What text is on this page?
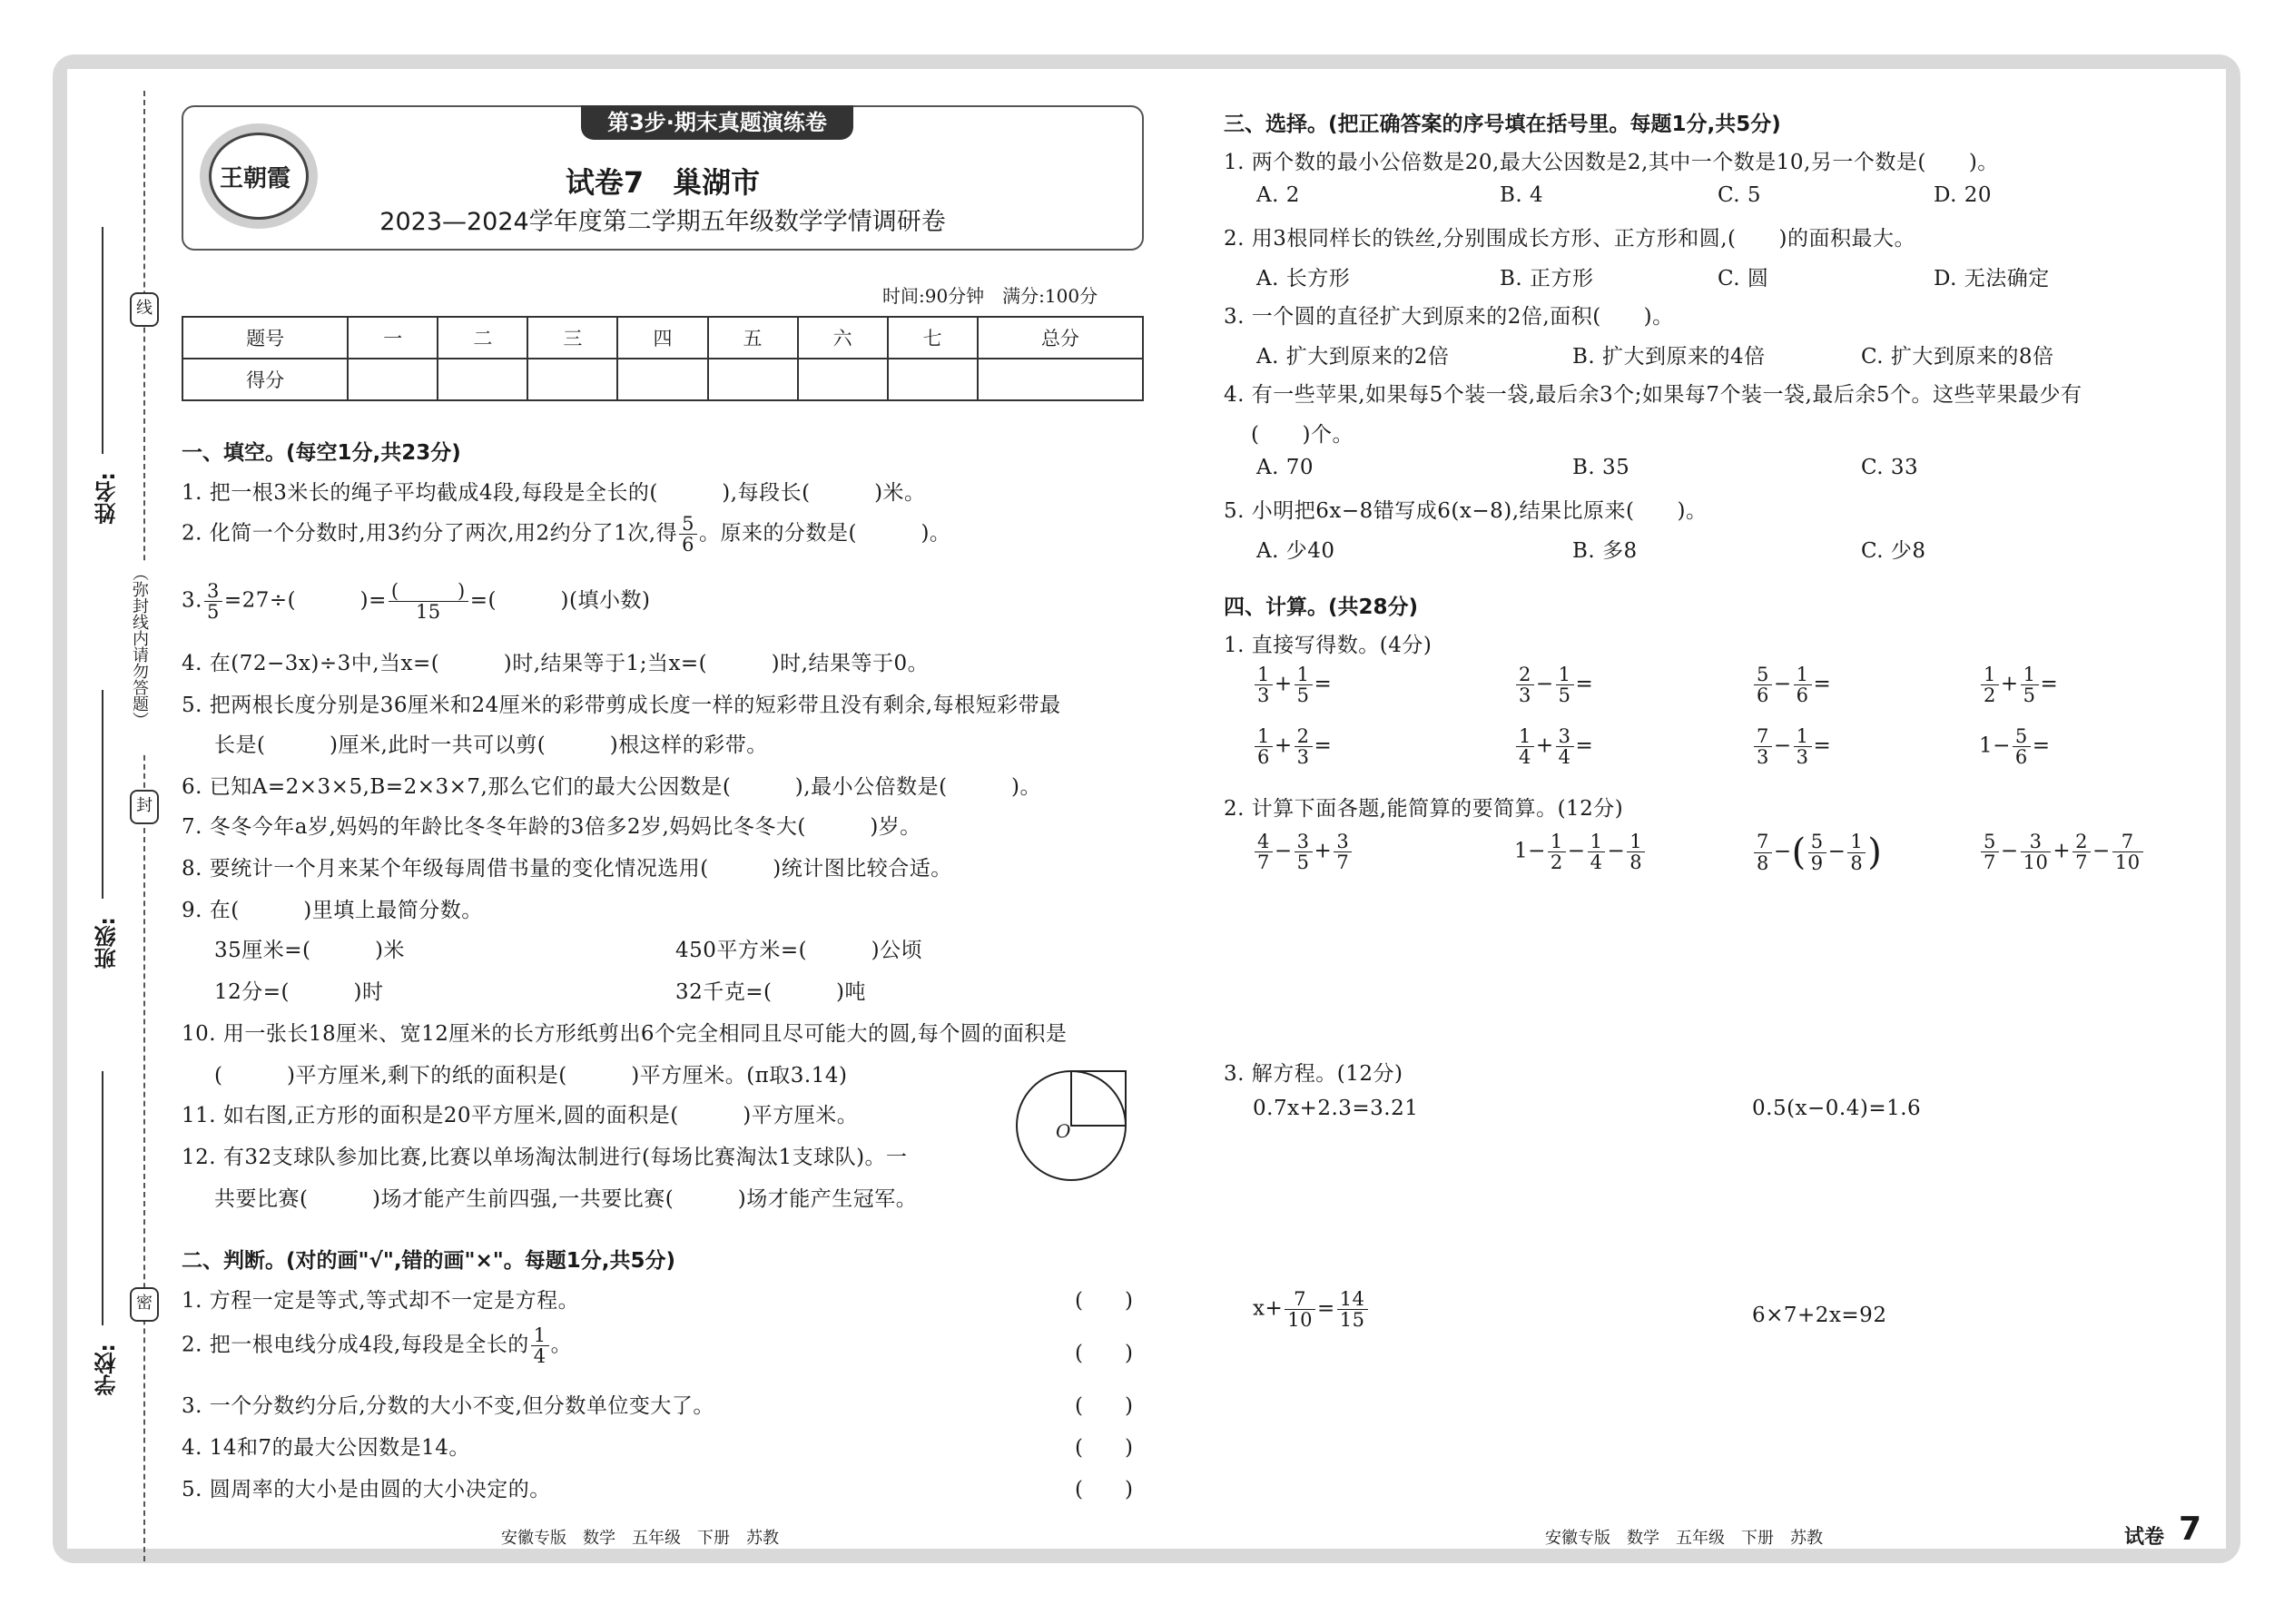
姓名:
班级:
学校:
线
封
密
（弥封线内请勿答题）
王朝霞
第3步·期末真题演练卷
试卷7　巢湖市
2023—2024学年度第二学期五年级数学学情调研卷
时间:90分钟　满分:100分
题号	一	二	三	四	五	六	七	总分
得分								
一、填空。(每空1分,共23分)
1. 把一根3米长的绳子平均截成4段,每段是全长的(　　　),每段长(　　　)米。
2. 化简一个分数时,用3约分了两次,用2约分了1次,得 $\frac{5}{6}$ 。原来的分数是(　　　)。
3. $\frac{3}{5} =27\div$(　　　)= $\frac{( )}{15}$ =(　　　)(填小数)
4. 在(72−3x)÷3中,当x=(　　　)时,结果等于1;当x=(　　　)时,结果等于0。
5. 把两根长度分别是36厘米和24厘米的彩带剪成长度一样的短彩带且没有剩余,每根短彩带最
长是(　　　)厘米,此时一共可以剪(　　　)根这样的彩带。
6. 已知A=2×3×5,B=2×3×7,那么它们的最大公因数是(　　　),最小公倍数是(　　　)。
7. 冬冬今年a岁,妈妈的年龄比冬冬年龄的3倍多2岁,妈妈比冬冬大(　　　)岁。
8. 要统计一个月来某个年级每周借书量的变化情况选用(　　　)统计图比较合适。
9. 在(　　　)里填上最简分数。
35厘米=(　　　)米	450平方米=(　　　)公顷
12分=(　　　)时	32千克=(　　　)吨
10. 用一张长18厘米、宽12厘米的长方形纸剪出6个完全相同且尽可能大的圆,每个圆的面积是
(　　　)平方厘米,剩下的纸的面积是(　　　)平方厘米。(π取3.14)
11. 如右图,正方形的面积是20平方厘米,圆的面积是(　　　)平方厘米。
12. 有32支球队参加比赛,比赛以单场淘汰制进行(每场比赛淘汰1支球队)。一
共要比赛(　　　)场才能产生前四强,一共要比赛(　　　)场才能产生冠军。
O
二、判断。(对的画"√",错的画"×"。每题1分,共5分)
1. 方程一定是等式,等式却不一定是方程。
2. 把一根电线分成4段,每段是全长的 $\frac{1}{4}$ 。
3. 一个分数约分后,分数的大小不变,但分数单位变大了。
4. 14和7的最大公因数是14。
5. 圆周率的大小是由圆的大小决定的。
(　　)
(　　)
(　　)
(　　)
(　　)
三、选择。(把正确答案的序号填在括号里。每题1分,共5分)
1. 两个数的最小公倍数是20,最大公因数是2,其中一个数是10,另一个数是(　　)。
A. 2	B. 4	C. 5	D. 20
2. 用3根同样长的铁丝,分别围成长方形、正方形和圆,(　　)的面积最大。
A. 长方形	B. 正方形	C. 圆	D. 无法确定
3. 一个圆的直径扩大到原来的2倍,面积(　　)。
A. 扩大到原来的2倍	B. 扩大到原来的4倍	C. 扩大到原来的8倍
4. 有一些苹果,如果每5个装一袋,最后余3个;如果每7个装一袋,最后余5个。这些苹果最少有
(　　)个。
A. 70	B. 35	C. 33
5. 小明把6x−8错写成6(x−8),结果比原来(　　)。
A. 少40	B. 多8	C. 少8
四、计算。(共28分)
1. 直接写得数。(4分)
$\frac{1}{3} + \frac{1}{5}$ =	$\frac{2}{3} - \frac{1}{5}$ =	$\frac{5}{6} - \frac{1}{6}$ =	$\frac{1}{2} + \frac{1}{5}$ =
$\frac{1}{6} + \frac{2}{3}$ =	$\frac{1}{4} + \frac{3}{4}$ =	$\frac{7}{3} - \frac{1}{3}$ =	$1- \frac{5}{6}$ =
2. 计算下面各题,能简算的要简算。(12分)
$\frac{4}{7} - \frac{3}{5} + \frac{3}{7}$	$1- \frac{1}{2} - \frac{1}{4} - \frac{1}{8}$	$\frac{7}{8}$ −( $\frac{5}{9} - \frac{1}{8}$ )	$\frac{5}{7} - \frac{3}{10} + \frac{2}{7} - \frac{7}{10}$
3. 解方程。(12分)
0.7x+2.3=3.21	0.5(x−0.4)=1.6
$x+ \frac{7}{10} = \frac{14}{15}$	6×7+2x=92
安徽专版　数学　五年级　下册　苏教	安徽专版　数学　五年级　下册　苏教	试卷 7
